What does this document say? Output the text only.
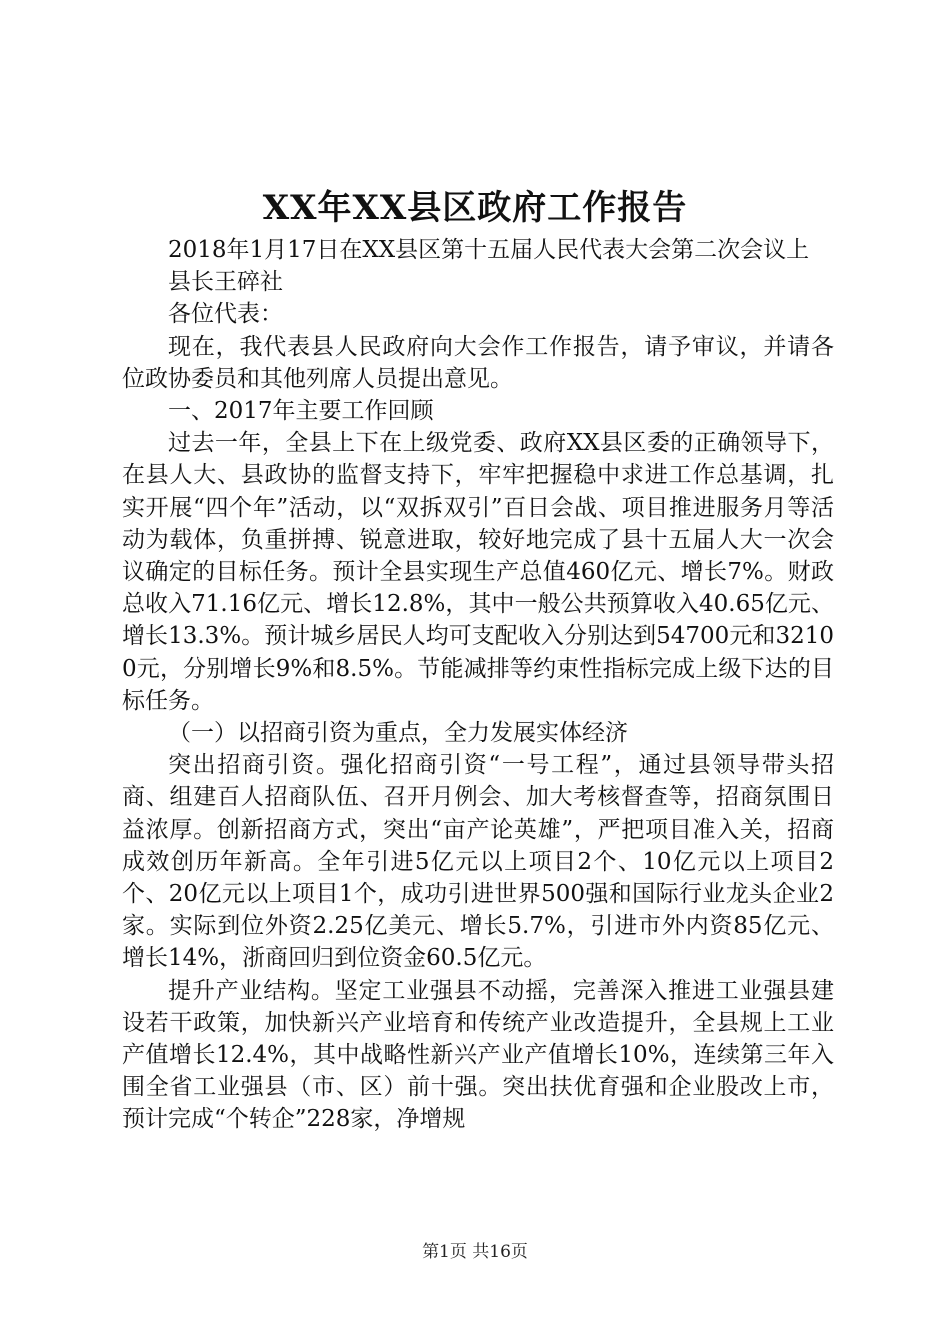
XX年XX县区政府工作报告

2018年1月17日在XX县区第十五届人民代表大会第二次会议上

县长王碎社

各位代表：

现在，我代表县人民政府向大会作工作报告，请予审议，并请各位政协委员和其他列席人员提出意见。

一、2017年主要工作回顾

过去一年，全县上下在上级党委、政府XX县区委的正确领导下，在县人大、县政协的监督支持下，牢牢把握稳中求进工作总基调，扎实开展“四个年”活动，以“双拆双引”百日会战、项目推进服务月等活动为载体，负重拼搏、锐意进取，较好地完成了县十五届人大一次会议确定的目标任务。预计全县实现生产总值460亿元、增长7%。财政总收入71.16亿元、增长12.8%，其中一般公共预算收入40.65亿元、增长13.3%。预计城乡居民人均可支配收入分别达到54700元和32100元，分别增长9%和8.5%。节能减排等约束性指标完成上级下达的目标任务。

（一）以招商引资为重点，全力发展实体经济

突出招商引资。强化招商引资“一号工程”，通过县领导带头招商、组建百人招商队伍、召开月例会、加大考核督查等，招商氛围日益浓厚。创新招商方式，突出“亩产论英雄”，严把项目准入关，招商成效创历年新高。全年引进5亿元以上项目2个、10亿元以上项目2个、20亿元以上项目1个，成功引进世界500强和国际行业龙头企业2家。实际到位外资2.25亿美元、增长5.7%，引进市外内资85亿元、增长14%，浙商回归到位资金60.5亿元。

提升产业结构。坚定工业强县不动摇，完善深入推进工业强县建设若干政策，加快新兴产业培育和传统产业改造提升，全县规上工业产值增长12.4%，其中战略性新兴产业产值增长10%，连续第三年入围全省工业强县（市、区）前十强。突出扶优育强和企业股改上市，预计完成“个转企”228家，净增规

第1页 共16页
